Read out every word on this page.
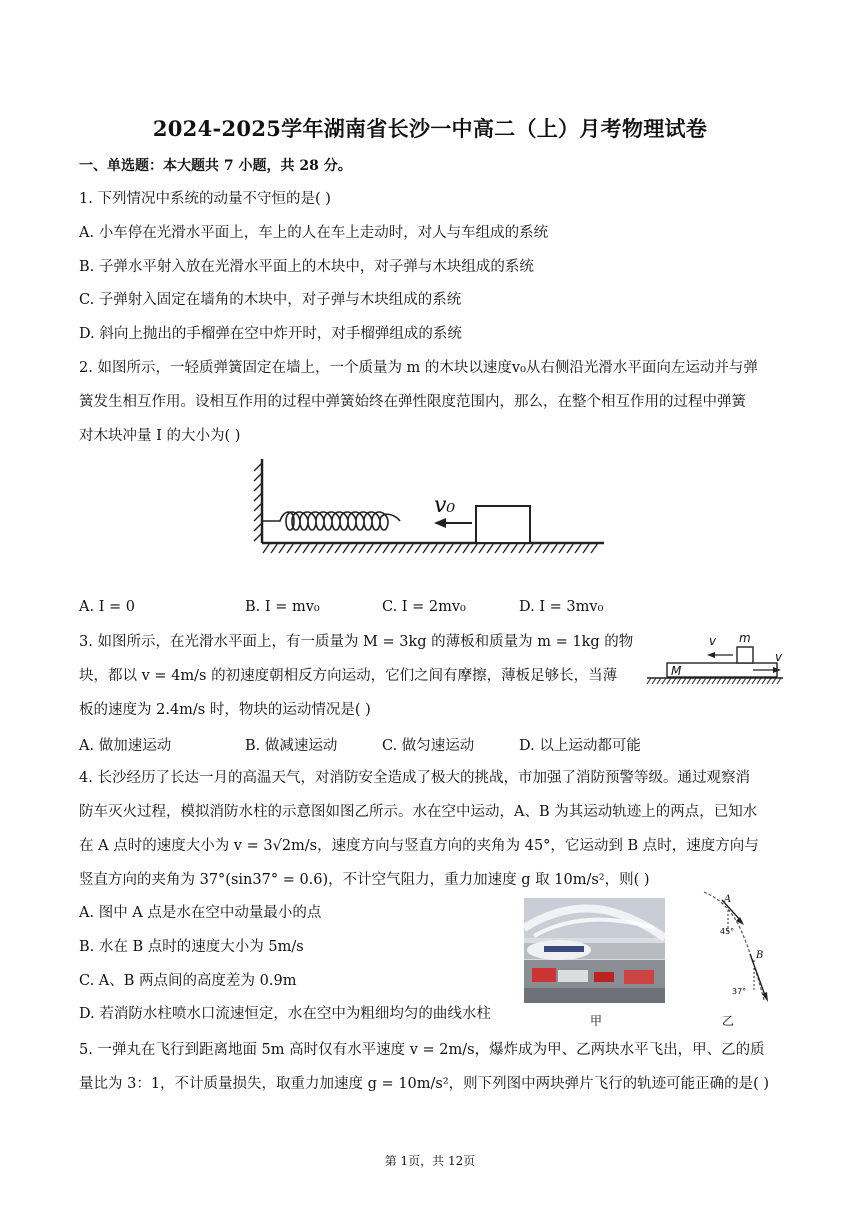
2024-2025学年湖南省长沙一中高二（上）月考物理试卷
一、单选题：本大题共 7 小题，共 28 分。
1. 下列情况中系统的动量不守恒的是( )
A. 小车停在光滑水平面上，车上的人在车上走动时，对人与车组成的系统
B. 子弹水平射入放在光滑水平面上的木块中，对子弹与木块组成的系统
C. 子弹射入固定在墙角的木块中，对子弹与木块组成的系统
D. 斜向上抛出的手榴弹在空中炸开时，对手榴弹组成的系统
2. 如图所示，一轻质弹簧固定在墙上，一个质量为 m 的木块以速度v₀从右侧沿光滑水平面向左运动并与弹
簧发生相互作用。设相互作用的过程中弹簧始终在弹性限度范围内，那么，在整个相互作用的过程中弹簧
对木块冲量 I 的大小为( )
v₀
A. I = 0	B. I = mv₀	C. I = 2mv₀	D. I = 3mv₀
3. 如图所示，在光滑水平面上，有一质量为 M = 3kg 的薄板和质量为 m = 1kg 的物
块，都以 v = 4m/s 的初速度朝相反方向运动，它们之间有摩擦，薄板足够长，当薄
板的速度为 2.4m/s 时，物块的运动情况是( )
v m
v
M
A. 做加速运动	B. 做减速运动	C. 做匀速运动	D. 以上运动都可能
4. 长沙经历了长达一月的高温天气，对消防安全造成了极大的挑战，市加强了消防预警等级。通过观察消
防车灭火过程，模拟消防水柱的示意图如图乙所示。水在空中运动，A、B 为其运动轨迹上的两点，已知水
在 A 点时的速度大小为 v = 3√2m/s，速度方向与竖直方向的夹角为 45°，它运动到 B 点时，速度方向与
竖直方向的夹角为 37°(sin37° = 0.6)，不计空气阻力，重力加速度 g 取 10m/s²，则( )
A. 图中 A 点是水在空中动量最小的点
B. 水在 B 点时的速度大小为 5m/s
C. A、B 两点间的高度差为 0.9m
D. 若消防水柱喷水口流速恒定，水在空中为粗细均匀的曲线水柱	甲
A
45°
B
37°
乙
5. 一弹丸在飞行到距离地面 5m 高时仅有水平速度 v = 2m/s，爆炸成为甲、乙两块水平飞出，甲、乙的质
量比为 3：1，不计质量损失，取重力加速度 g = 10m/s²，则下列图中两块弹片飞行的轨迹可能正确的是( )
第 1页，共 12页
